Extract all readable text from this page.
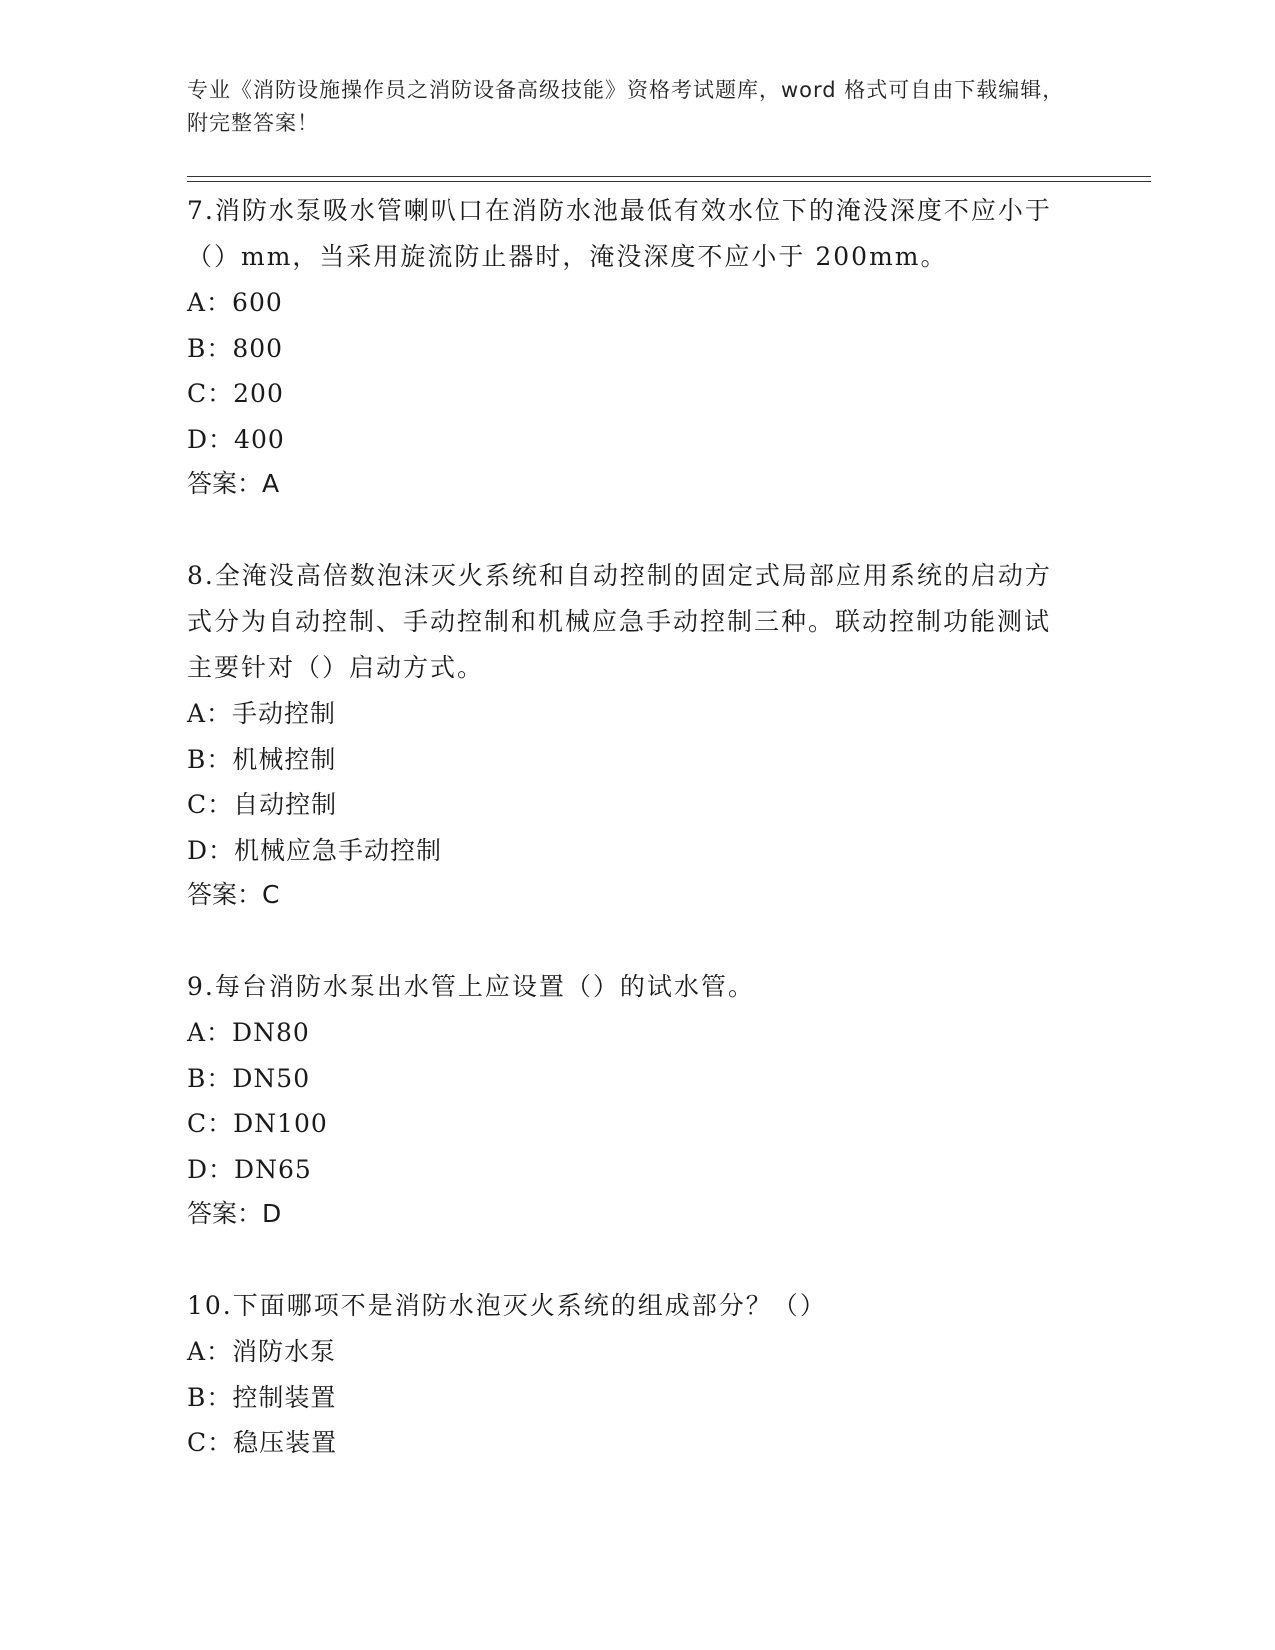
专业《消防设施操作员之消防设备高级技能》资格考试题库，word 格式可自由下载编辑，附完整答案！

7.消防水泵吸水管喇叭口在消防水池最低有效水位下的淹没深度不应小于（）mm，当采用旋流防止器时，淹没深度不应小于 200mm。

A：600

B：800

C：200

D：400

答案：A

8.全淹没高倍数泡沫灭火系统和自动控制的固定式局部应用系统的启动方式分为自动控制、手动控制和机械应急手动控制三种。联动控制功能测试主要针对（）启动方式。

A：手动控制

B：机械控制

C：自动控制

D：机械应急手动控制

答案：C

9.每台消防水泵出水管上应设置（）的试水管。

A：DN80

B：DN50

C：DN100

D：DN65

答案：D

10.下面哪项不是消防水泡灭火系统的组成部分？（）

A：消防水泵

B：控制装置

C：稳压装置
